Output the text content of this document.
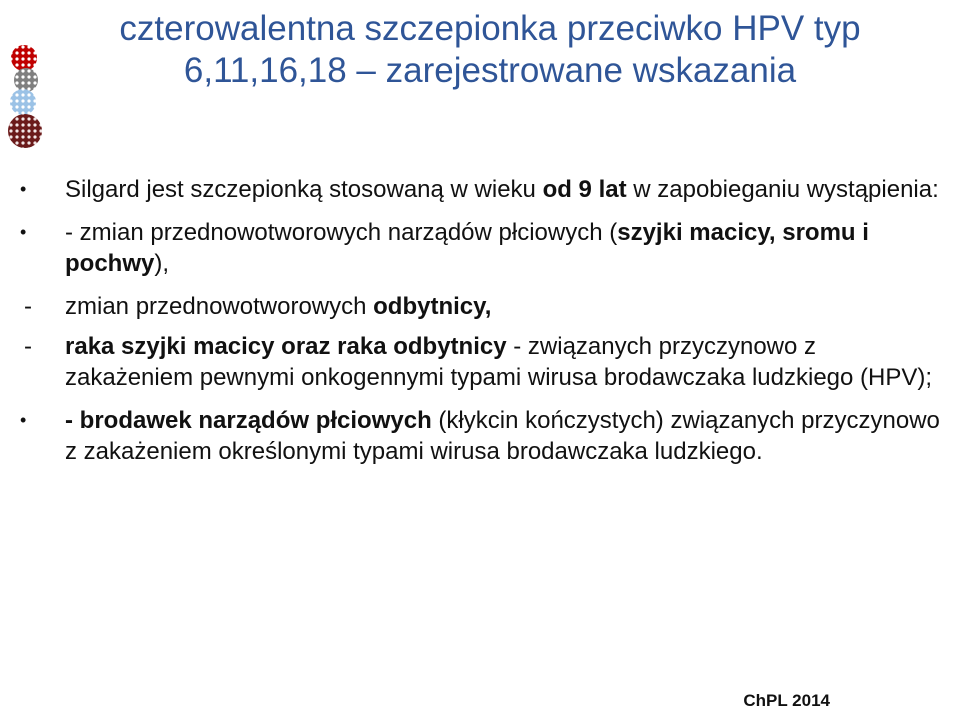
czterowalentna szczepionka przeciwko HPV typ
6,11,16,18 – zarejestrowane wskazania
•	Silgard jest szczepionką stosowaną w wieku od 9 lat w zapobieganiu wystąpienia:
•	- zmian przednowotworowych narządów płciowych (szyjki macicy, sromu i pochwy),
-	zmian przednowotworowych odbytnicy,
-	raka szyjki macicy oraz raka odbytnicy - związanych przyczynowo z zakażeniem pewnymi onkogennymi typami wirusa brodawczaka ludzkiego (HPV);
•	- brodawek narządów płciowych (kłykcin kończystych) związanych przyczynowo z zakażeniem określonymi typami wirusa brodawczaka ludzkiego.
ChPL 2014
